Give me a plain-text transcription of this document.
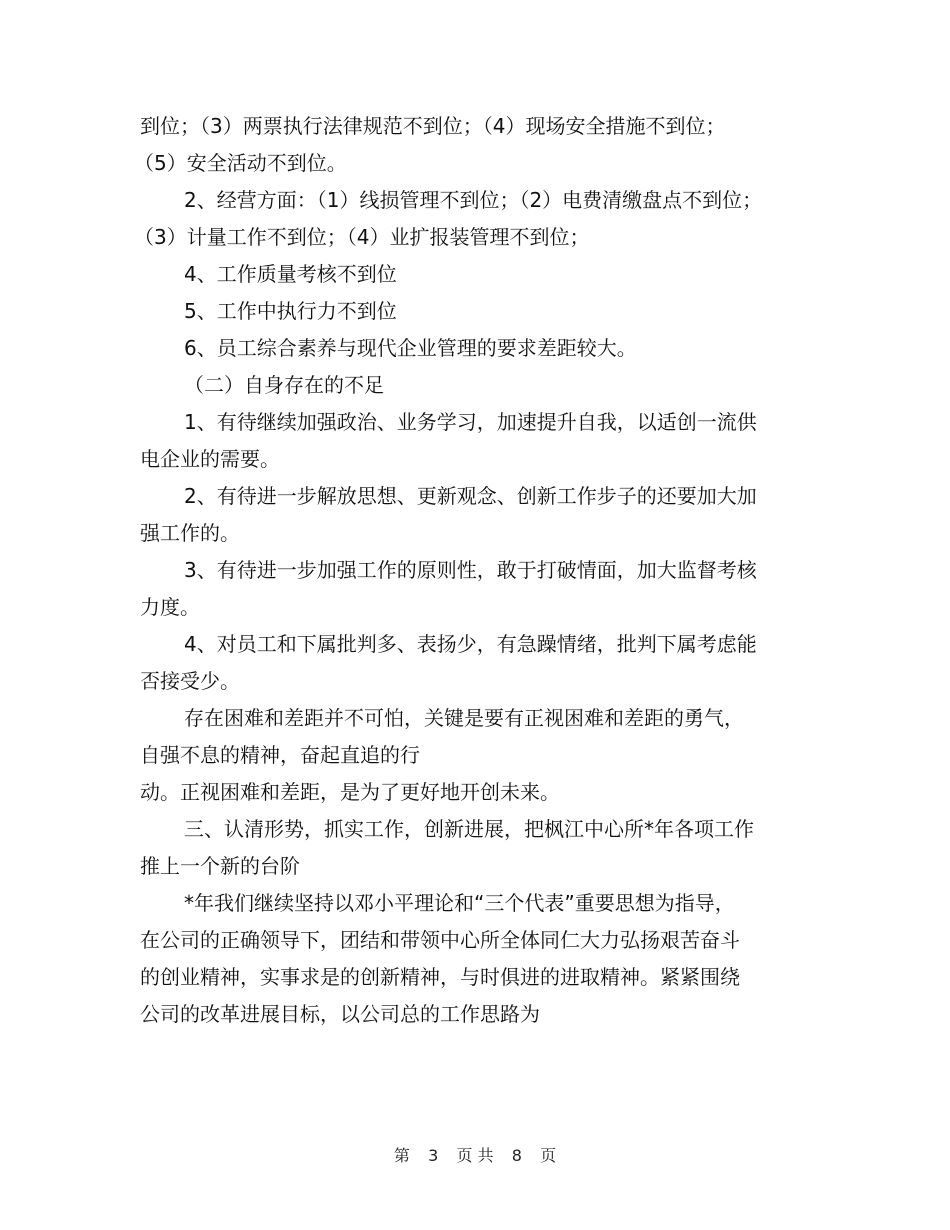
到位；（3）两票执行法律规范不到位；（4）现场安全措施不到位；
（5）安全活动不到位。
2、经营方面：（1）线损管理不到位；（2）电费清缴盘点不到位；
（3）计量工作不到位；（4）业扩报装管理不到位；
4、工作质量考核不到位
5、工作中执行力不到位
6、员工综合素养与现代企业管理的要求差距较大。
（二）自身存在的不足
1、有待继续加强政治、业务学习，加速提升自我，以适创一流供
电企业的需要。
2、有待进一步解放思想、更新观念、创新工作步子的还要加大加
强工作的。
3、有待进一步加强工作的原则性，敢于打破情面，加大监督考核
力度。
4、对员工和下属批判多、表扬少，有急躁情绪，批判下属考虑能
否接受少。
存在困难和差距并不可怕，关键是要有正视困难和差距的勇气，
自强不息的精神，奋起直追的行
动。正视困难和差距，是为了更好地开创未来。
三、认清形势，抓实工作，创新进展，把枫江中心所*年各项工作
推上一个新的台阶
*年我们继续坚持以邓小平理论和“三个代表”重要思想为指导，
在公司的正确领导下，团结和带领中心所全体同仁大力弘扬艰苦奋斗
的创业精神，实事求是的创新精神，与时俱进的进取精神。紧紧围绕
公司的改革进展目标，以公司总的工作思路为
第 3 页 共 8 页
